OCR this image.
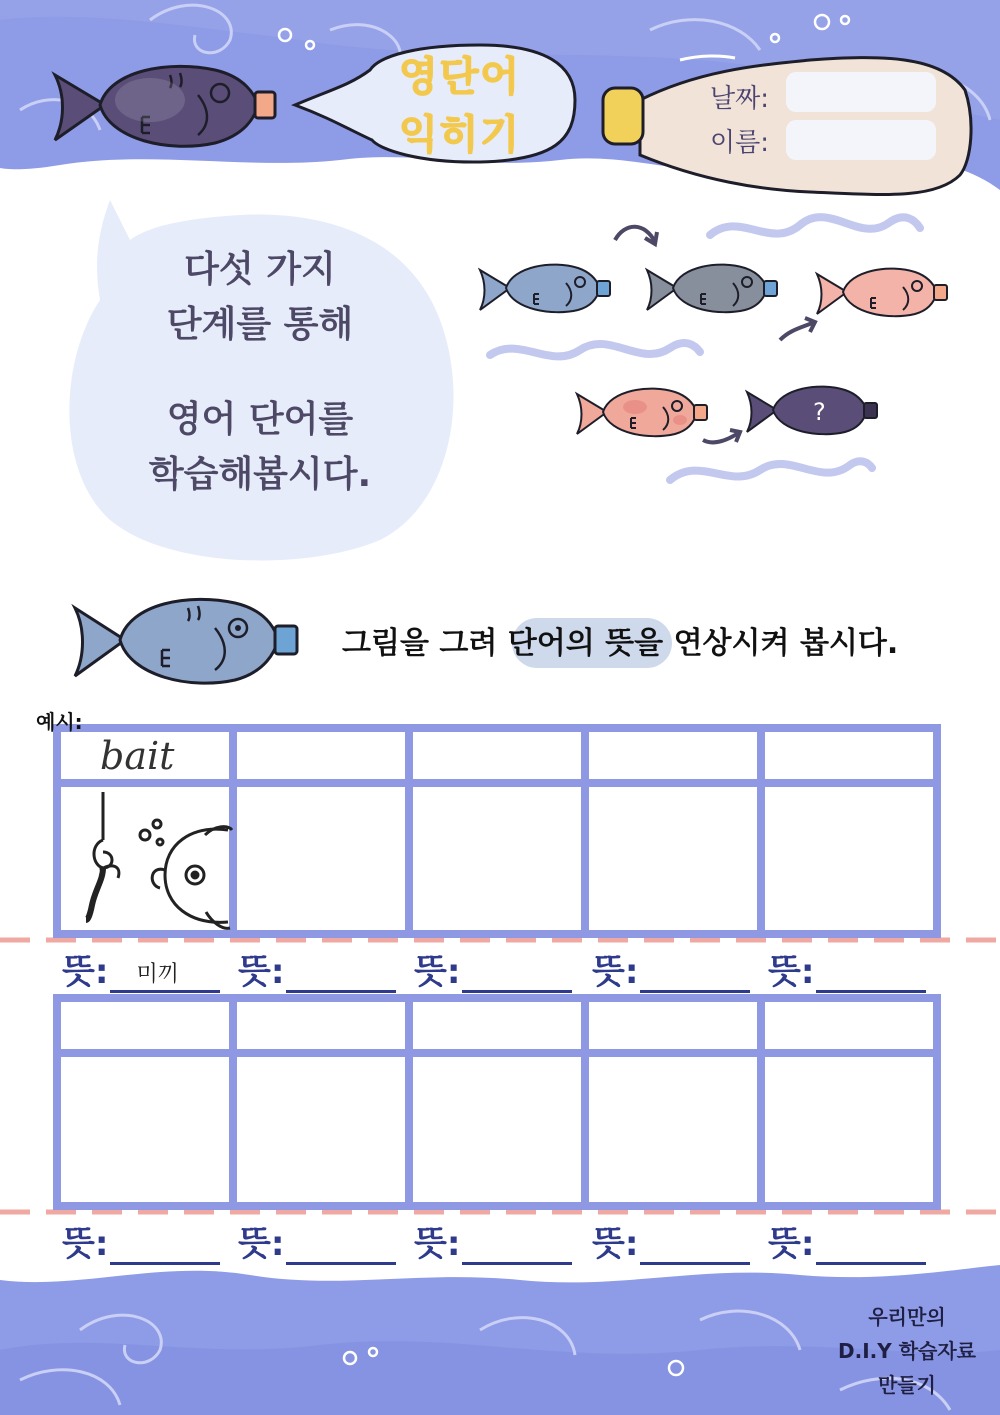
?
영단어
익히기
날짜:
이름:
다섯 가지
단계를 통해
영어 단어를
학습해봅시다.
그림을 그려 단어의 뜻을 연상시켜 봅시다.
예시:
bait
뜻: 미끼 뜻:	뜻:	뜻:	뜻:
뜻:	뜻:	뜻:	뜻:	뜻:
우리만의
D.I.Y 학습자료
만들기
